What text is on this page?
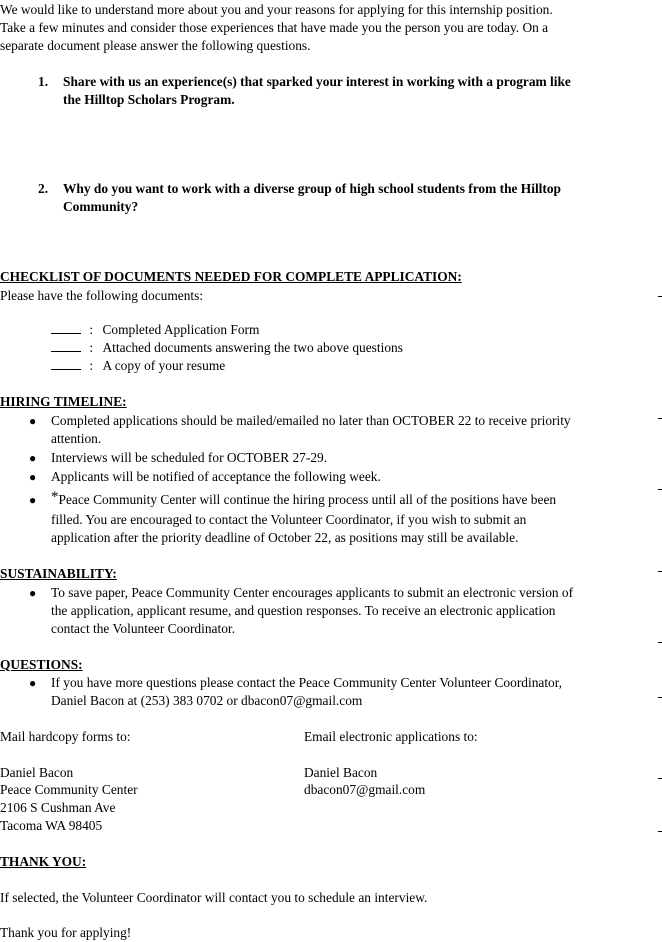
We would like to understand more about you and your reasons for applying for this internship position.
Take a few minutes and consider those experiences that have made you the person you are today. On a
separate document please answer the following questions.
1. Share with us an experience(s) that sparked your interest in working with a program like
the Hilltop Scholars Program.
2. Why do you want to work with a diverse group of high school students from the Hilltop
Community?
CHECKLIST OF DOCUMENTS NEEDED FOR COMPLETE APPLICATION:
Please have the following documents:
: Completed Application Form
: Attached documents answering the two above questions
: A copy of your resume
HIRING TIMELINE:
● Completed applications should be mailed/emailed no later than OCTOBER 22 to receive priority
attention.
● Interviews will be scheduled for OCTOBER 27-29.
● Applicants will be notified of acceptance the following week.
● *Peace Community Center will continue the hiring process until all of the positions have been
filled. You are encouraged to contact the Volunteer Coordinator, if you wish to submit an
application after the priority deadline of October 22, as positions may still be available.
SUSTAINABILITY:
● To save paper, Peace Community Center encourages applicants to submit an electronic version of
the application, applicant resume, and question responses. To receive an electronic application
contact the Volunteer Coordinator.
QUESTIONS:
● If you have more questions please contact the Peace Community Center Volunteer Coordinator,
Daniel Bacon at (253) 383 0702 or dbacon07@gmail.com
Mail hardcopy forms to:	Email electronic applications to:
Daniel Bacon	Daniel Bacon
Peace Community Center	dbacon07@gmail.com
2106 S Cushman Ave
Tacoma WA 98405
THANK YOU:
If selected, the Volunteer Coordinator will contact you to schedule an interview.
Thank you for applying!
